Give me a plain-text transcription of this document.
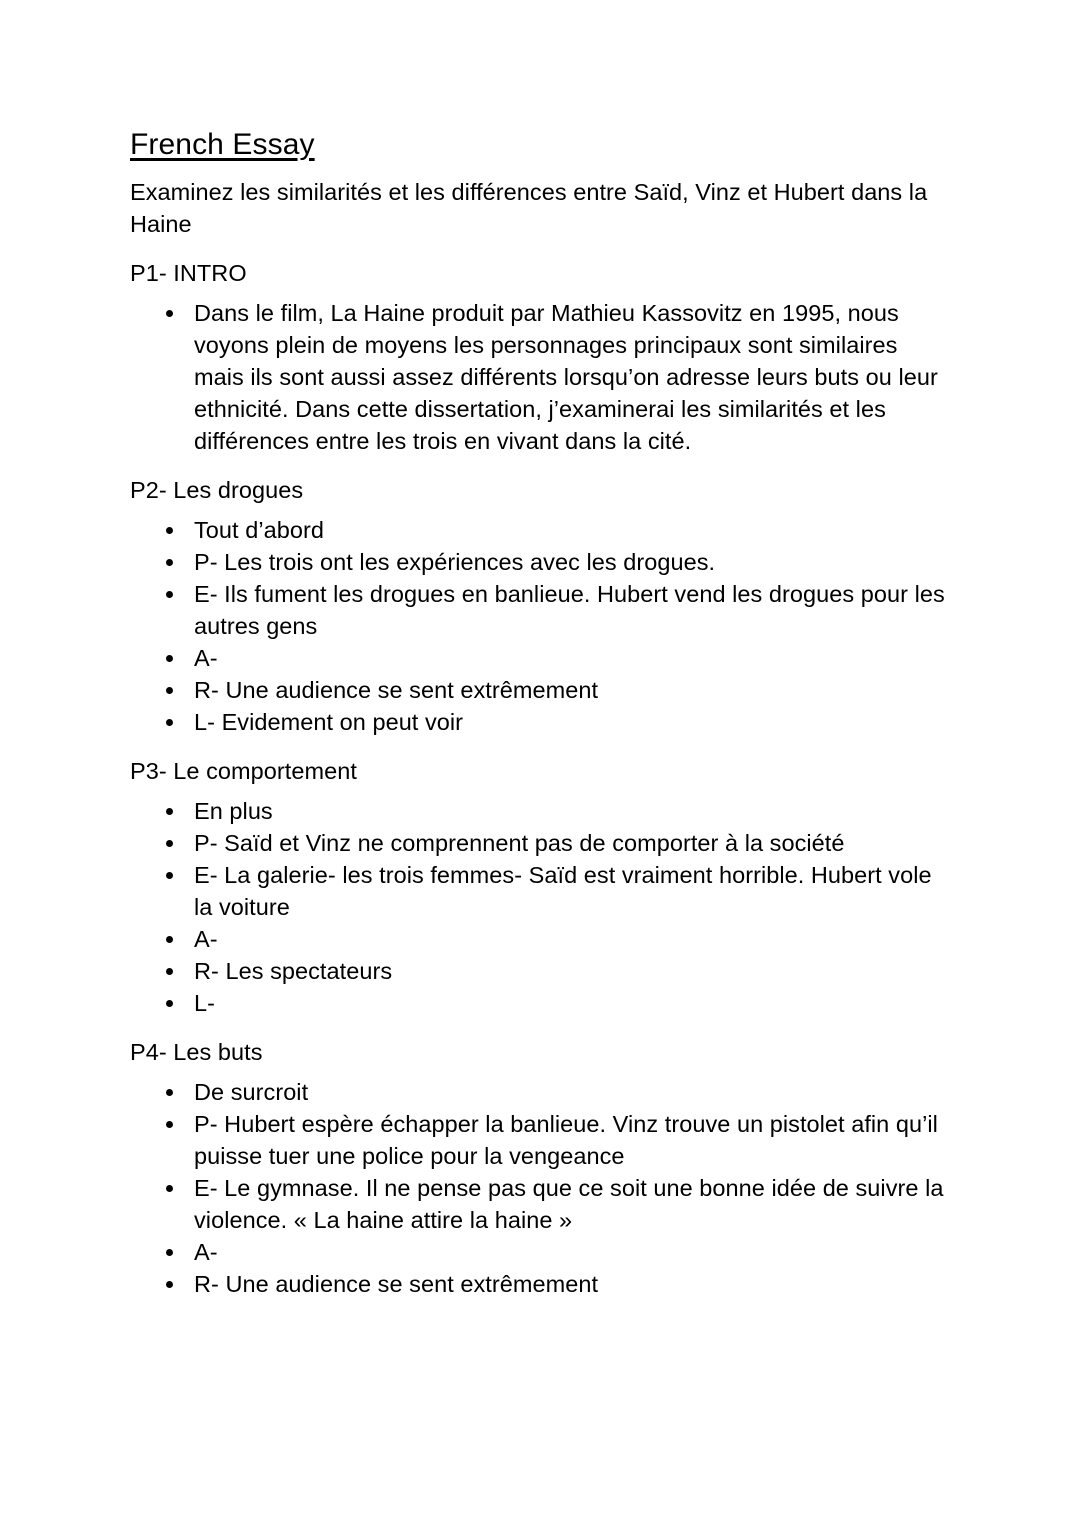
French Essay

Examinez les similarités et les différences entre Saïd, Vinz et Hubert dans la Haine

P1- INTRO

Dans le film, La Haine produit par Mathieu Kassovitz en 1995, nous voyons plein de moyens les personnages principaux sont similaires mais ils sont aussi assez différents lorsqu’on adresse leurs buts ou leur ethnicité. Dans cette dissertation, j’examinerai les similarités et les différences entre les trois en vivant dans la cité.

P2- Les drogues

Tout d’abord
P- Les trois ont les expériences avec les drogues.
E- Ils fument les drogues en banlieue. Hubert vend les drogues pour les autres gens
A-
R- Une audience se sent extrêmement
L- Evidement on peut voir

P3- Le comportement

En plus
P- Saïd et Vinz ne comprennent pas de comporter à la société
E- La galerie- les trois femmes- Saïd est vraiment horrible. Hubert vole la voiture
A-
R- Les spectateurs
L-

P4- Les buts

De surcroit
P- Hubert espère échapper la banlieue. Vinz trouve un pistolet afin qu’il puisse tuer une police pour la vengeance
E- Le gymnase. Il ne pense pas que ce soit une bonne idée de suivre la violence. « La haine attire la haine »
A-
R- Une audience se sent extrêmement
